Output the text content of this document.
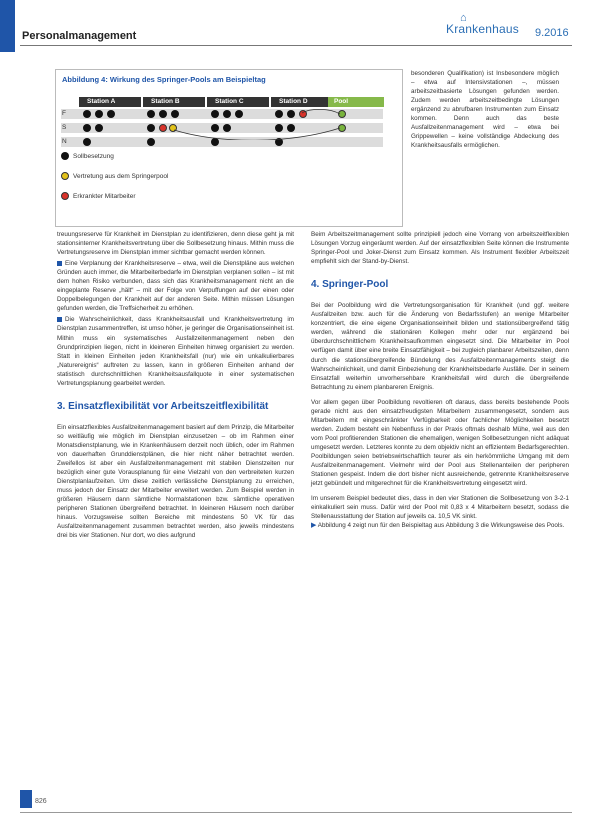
Personalmanagement
⌂
Krankenhaus 9.2016
Abbildung 4: Wirkung des Springer-Pools am Beispieltag
Station A	Station B	Station C	Station D	Pool
F
S
N
Sollbesetzung
Vertretung aus dem Springerpool
Erkrankter Mitarbeiter

besonderen Qualifikation) ist Insbesondere möglich – etwa auf Intensivstationen –, müssen arbeitszeitbasierte Lösungen gefunden werden. Zudem werden arbeitszeitbedingte Lösungen ergänzend zu abrufbaren Instrumenten zum Einsatz kommen. Denn auch das beste Ausfallzeitenmanagement wird – etwa bei Grippewellen – keine vollständige Abdeckung des Krankheitsausfalls ermöglichen.

treuungsreserve für Krankheit im Dienstplan zu identifizieren, denn diese geht ja mit stationsinterner Krankheitsvertretung über die Sollbesetzung hinaus. Mithin muss die Vertretungsreserve im Dienstplan immer sichtbar gemacht werden können.

Eine Verplanung der Krankheitsreserve – etwa, weil die Dienstpläne aus welchen Gründen auch immer, die Mitarbeiterbedarfe im Dienstplan verplanen sollen – ist mit dem hohen Risiko verbunden, dass sich das Krankheitsmanagement nicht an die eingeplante Reserve „hält“ – mit der Folge von Verpuffungen auf der einen oder Doppelbelegungen der Krankheit auf der anderen Seite. Mithin müssen Lösungen gefunden werden, die Treffsicherheit zu erhöhen.

Die Wahrscheinlichkeit, dass Krankheitsausfall und Krankheitsvertretung im Dienstplan zusammentreffen, ist umso höher, je geringer die Organisationseinheit ist. Mithin muss ein systematisches Ausfallzeitenmanagement neben den Grundprinzipien liegen, nicht in kleineren Einheiten hinweg organisiert zu werden. Statt in kleinen Einheiten jeden Krankheitsfall (nur) wie ein unkalkulierbares „Naturereignis“ auftreten zu lassen, kann in größeren Einheiten anhand der statistisch durchschnittlichen Krankheitsausfallquote in einer systematischen Vertretungsplanung gearbeitet werden.

3. Einsatzflexibilität vor Arbeitszeitflexibilität

Ein einsatzflexibles Ausfallzeitenmanagement basiert auf dem Prinzip, die Mitarbeiter so weitläufig wie möglich im Dienstplan einzusetzen – ob im Rahmen einer Monatsdienstplanung, wie in Krankenhäusern derzeit noch üblich, oder im Rahmen von dauerhaften Grunddienstplänen, die hier nicht näher betrachtet werden. Zweifellos ist aber ein Ausfallzeitenmanagement mit stabilen Dienstzeiten nur bezüglich einer gute Vorausplanung für eine Vielzahl von den verbreiteten kurzen Dienstplanlaufzeiten. Um diese zeitlich verlässliche Dienstplanung zu erreichen, muss jedoch der Einsatz der Mitarbeiter erweitert werden. Zum Beispiel werden in größeren Häusern dann sämtliche Normalstationen bzw. sämtliche operativen peripheren Stationen übergreifend betrachtet. In kleineren Häusern noch darüber hinaus. Vorzugsweise sollten Bereiche mit mindestens 50 VK für das Ausfallzeitenmanagement zusammen betrachtet werden, also jeweils mindestens drei bis vier Stationen. Nur dort, wo dies aufgrund

Beim Arbeitszeitmanagement sollte prinzipiell jedoch eine Vorrang von arbeitszeitflexiblen Lösungen Vorzug eingeräumt werden. Auf der einsatzflexiblen Seite können die Instrumente Springer-Pool und Joker-Dienst zum Einsatz kommen. Als Instrument flexibler Arbeitszeit empfiehlt sich der Stand-by-Dienst.

4. Springer-Pool

Bei der Poolbildung wird die Vertretungsorganisation für Krankheit (und ggf. weitere Ausfallzeiten bzw. auch für die Änderung von Bedarfsstufen) an wenige Mitarbeiter konzentriert, die eine eigene Organisationseinheit bilden und stationsübergreifend tätig werden, während die stationären Kollegen mehr oder nur ergänzend bei überdurchschnittlichem Krankheitsaufkommen eingesetzt sind. Die Mitarbeiter im Pool verfügen damit über eine breite Einsatzfähigkeit – bei zugleich planbarer Arbeitszeiten, denn durch die stationsübergreifende Bündelung des Ausfallzeitenmanagements steigt die Wahrscheinlichkeit, und damit Einbeziehung der Krankheitsbedarfe Ausfälle. Der in seinem Einsatzfall weiterhin unvorhersehbare Krankheitsfall wird durch die übergreifende Betrachtung zu einem planbareren Ereignis.

Vor allem gegen über Poolbildung revoltieren oft daraus, dass bereits bestehende Pools gerade nicht aus den einsatzfreudigsten Mitarbeitern zusammengesetzt, sondern aus Mitarbeitern mit eingeschränkter Verfügbarkeit oder fachlicher Möglichkeiten besetzt werden. Zudem besteht ein Nebenfluss in der Praxis oftmals deshalb Mühe, weil aus den vom Pool profitierenden Stationen die ehemaligen, wenigen Sollbesetzungen nicht adäquat umgesetzt werden. Letzteres konnte zu dem objektiv nicht an effizientem Bedarfsgerechten. Poolbildungen seien betriebswirtschaftlich teurer als ein herkömmliche Umgang mit dem Ausfallzeitenmanagement. Vielmehr wird der Pool aus Stellenanteilen der peripheren Stationen gespeist. Indem die dort bisher nicht ausreichende, getrennte Krankheitsreserve jetzt gebündelt und mitgerechnet für die Krankheitsvertretung eingesetzt wird.

Im unserem Beispiel bedeutet dies, dass in den vier Stationen die Sollbesetzung von 3-2-1 einkalkuliert sein muss. Dafür wird der Pool mit 0,83 x 4 Mitarbeitern besetzt, sodass die Stellenausstattung der Station auf jeweils ca. 10,5 VK sinkt.

▶ Abbildung 4 zeigt nun für den Beispieltag aus Abbildung 3 die Wirkungsweise des Pools.

826
